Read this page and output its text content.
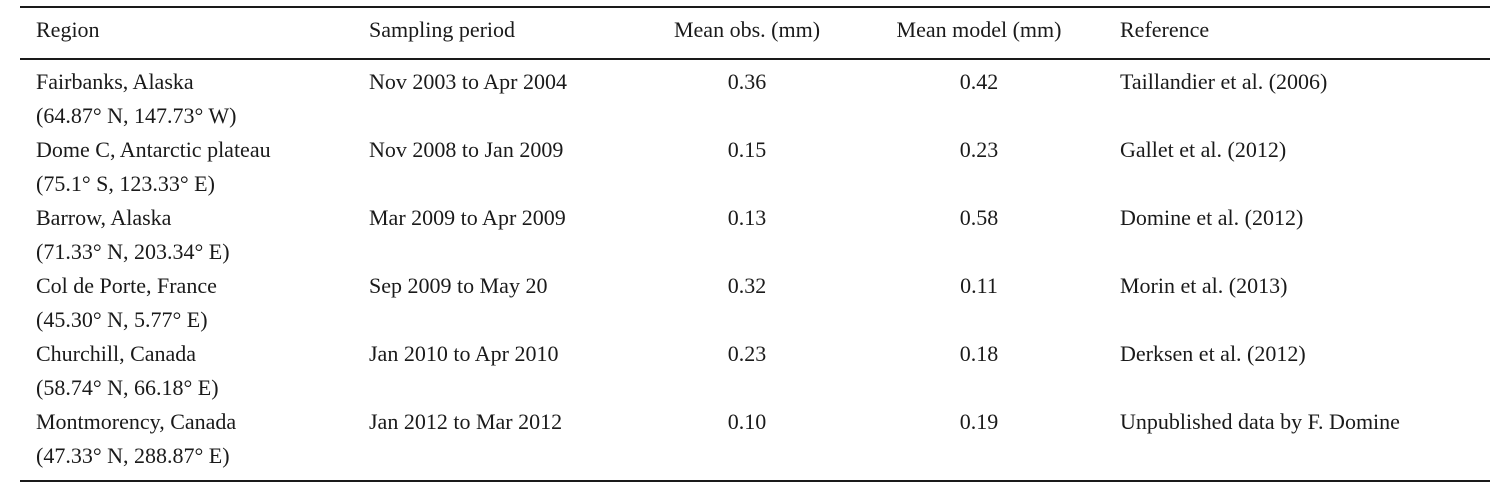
Region	Sampling period	Mean obs. (mm)	Mean model (mm)	Reference
Fairbanks, Alaska
(64.87° N, 147.73° W)
Nov 2003 to Apr 2004	0.36	0.42	Taillandier et al. (2006)
Dome C, Antarctic plateau
(75.1° S, 123.33° E)
Nov 2008 to Jan 2009	0.15	0.23	Gallet et al. (2012)
Barrow, Alaska
(71.33° N, 203.34° E)
Mar 2009 to Apr 2009	0.13	0.58	Domine et al. (2012)
Col de Porte, France
(45.30° N, 5.77° E)
Sep 2009 to May 20	0.32	0.11	Morin et al. (2013)
Churchill, Canada
(58.74° N, 66.18° E)
Jan 2010 to Apr 2010	0.23	0.18	Derksen et al. (2012)
Montmorency, Canada
(47.33° N, 288.87° E)
Jan 2012 to Mar 2012	0.10	0.19	Unpublished data by F. Domine
